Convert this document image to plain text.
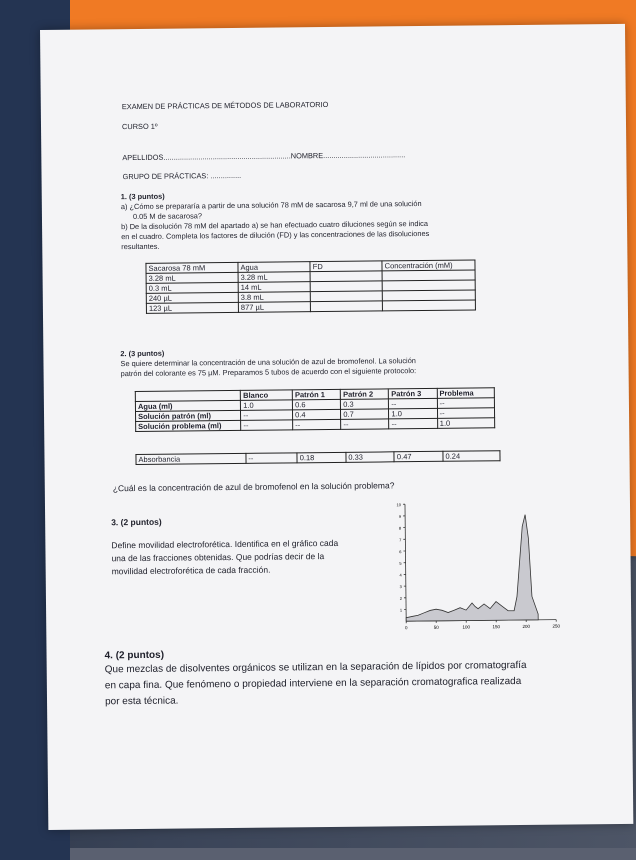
EXAMEN DE PRÁCTICAS DE MÉTODOS DE LABORATORIO
CURSO 1º
APELLIDOS..............................................................NOMBRE........................................
GRUPO DE PRÁCTICAS: ...............
1. (3 puntos)
a) ¿Cómo se prepararía a partir de una solución 78 mM de sacarosa 9,7 ml de una solución
0.05 M de sacarosa?
b) De la disolución 78 mM del apartado a) se han efectuado cuatro diluciones según se indica
en el cuadro. Completa los factores de dilución (FD) y las concentraciones de las disoluciones
resultantes.
Sacarosa 78 mM	Agua	FD	Concentración (mM)
3.28 mL	3.28 mL		
0.3 mL	14 mL		
240 µL	3.8 mL		
123 µL	877 µL		
2. (3 puntos)
Se quiere determinar la concentración de una solución de azul de bromofenol. La solución
patrón del colorante es 75 µM. Preparamos 5 tubos de acuerdo con el siguiente protocolo:
	Blanco	Patrón 1	Patrón 2	Patrón 3	Problema
Agua (ml)	1.0	0.6	0.3	--	--
Solución patrón (ml)	--	0.4	0.7	1.0	--
Solución problema (ml)	--	--	--	--	1.0
Absorbancia	--	0.18	0.33	0.47	0.24
¿Cuál es la concentración de azul de bromofenol en la solución problema?
3. (2 puntos)
Define movilidad electroforética. Identifica en el gráfico cada
una de las fracciones obtenidas. Que podrías decir de la
movilidad electroforética de cada fracción.
1
2
3
4
5
6
7
8
9
10
0	50	100	150	200	250
4. (2 puntos)
Que mezclas de disolventes orgánicos se utilizan en la separación de lípidos por cromatografía
en capa fina. Que fenómeno o propiedad interviene en la separación cromatografica realizada
por esta técnica.
